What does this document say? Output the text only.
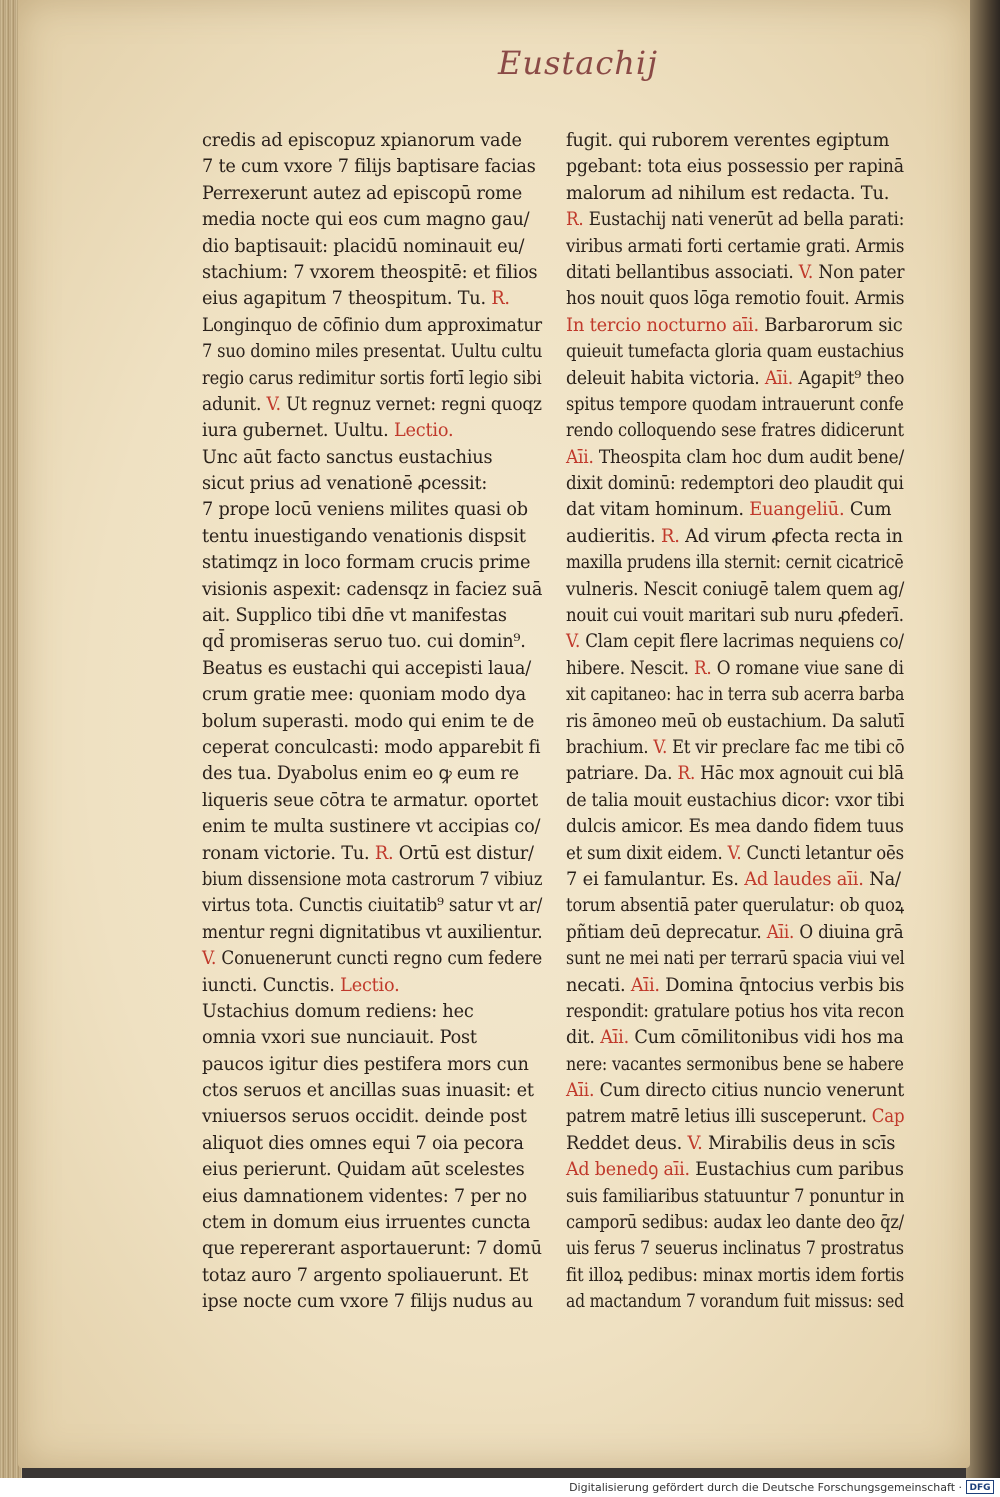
Eustachij
credis ad episcopuz xpianorum vade
7 te cum vxore 7 filijs baptisare facias
Perrexerunt autez ad episcopū rome
media nocte qui eos cum magno gau/
dio baptisauit: placidū nominauit eu/
stachium: 7 vxorem theospitē: et filios
eius agapitum 7 theospitum. Tu. R.
Longinquo de cōfinio dum approximatur
7 suo domino miles presentat. Uultu cultu
regio carus redimitur sortis fortī legio sibi
adunit. V. Ut regnuz vernet: regni quoqz
iura gubernet. Uultu. Lectio.
Unc aūt facto sanctus eustachius
sicut prius ad venationē ꝓcessit:
7 prope locū veniens milites quasi ob
tentu inuestigando venationis dispsit
statimqz in loco formam crucis prime
visionis aspexit: cadensqz in faciez suā
ait. Supplico tibi dn̄e vt manifestas
qd̄ promiseras seruo tuo. cui domin⁹.
Beatus es eustachi qui accepisti laua/
crum gratie mee: quoniam modo dya
bolum superasti. modo qui enim te de
ceperat conculcasti: modo apparebit fi
des tua. Dyabolus enim eo ꝙ eum re
liqueris seue cōtra te armatur. oportet
enim te multa sustinere vt accipias co/
ronam victorie. Tu. R. Ortū est distur/
bium dissensione mota castrorum 7 vibiuz
virtus tota. Cunctis ciuitatib⁹ satur vt ar/
mentur regni dignitatibus vt auxilientur.
V. Conuenerunt cuncti regno cum federe
iuncti. Cunctis. Lectio.
Ustachius domum rediens: hec
omnia vxori sue nunciauit. Post
paucos igitur dies pestifera mors cun
ctos seruos et ancillas suas inuasit: et
vniuersos seruos occidit. deinde post
aliquot dies omnes equi 7 oia pecora
eius perierunt. Quidam aūt scelestes
eius damnationem videntes: 7 per no
ctem in domum eius irruentes cuncta
que repererant asportauerunt: 7 domū
totaz auro 7 argento spoliauerunt. Et
ipse nocte cum vxore 7 filijs nudus au
fugit. qui ruborem verentes egiptum
pgebant: tota eius possessio per rapinā
malorum ad nihilum est redacta. Tu.
R. Eustachij nati venerūt ad bella parati:
viribus armati forti certamie grati. Armis
ditati bellantibus associati. V. Non pater
hos nouit quos lōga remotio fouit. Armis
In tercio nocturno aīi. Barbarorum sic
quieuit tumefacta gloria quam eustachius
deleuit habita victoria. Aīi. Agapit⁹ theo
spitus tempore quodam intrauerunt confe
rendo colloquendo sese fratres didicerunt
Aīi. Theospita clam hoc dum audit bene/
dixit dominū: redemptori deo plaudit qui
dat vitam hominum. Euangeliū. Cum
audieritis. R. Ad virum ꝓfecta recta in
maxilla prudens illa sternit: cernit cicatricē
vulneris. Nescit coniugē talem quem ag/
nouit cui vouit maritari sub nuru ꝓfederī.
V. Clam cepit flere lacrimas nequiens co/
hibere. Nescit. R. O romane viue sane di
xit capitaneo: hac in terra sub acerra barba
ris āmoneo meū ob eustachium. Da salutī
brachium. V. Et vir preclare fac me tibi cō
patriare. Da. R. Hāc mox agnouit cui blā
de talia mouit eustachius dicor: vxor tibi
dulcis amicor. Es mea dando fidem tuus
et sum dixit eidem. V. Cuncti letantur oēs
7 ei famulantur. Es. Ad laudes aīi. Na/
torum absentiā pater querulatur: ob quoꝝ
pñtiam deū deprecatur. Aīi. O diuina grā
sunt ne mei nati per terrarū spacia viui vel
necati. Aīi. Domina q̄ntocius verbis bis
respondit: gratulare potius hos vita recon
dit. Aīi. Cum cōmilitonibus vidi hos ma
nere: vacantes sermonibus bene se habere
Aīi. Cum directo citius nuncio venerunt
patrem matrē letius illi susceperunt. Cap
Reddet deus. V. Mirabilis deus in scīs
Ad benedꝯ aīi. Eustachius cum paribus
suis familiaribus statuuntur 7 ponuntur in
camporū sedibus: audax leo dante deo q̄z/
uis ferus 7 seuerus inclinatus 7 prostratus
fit illoꝝ pedibus: minax mortis idem fortis
ad mactandum 7 vorandum fuit missus: sed
Digitalisierung gefördert durch die Deutsche Forschungsgemeinschaft · DFG
